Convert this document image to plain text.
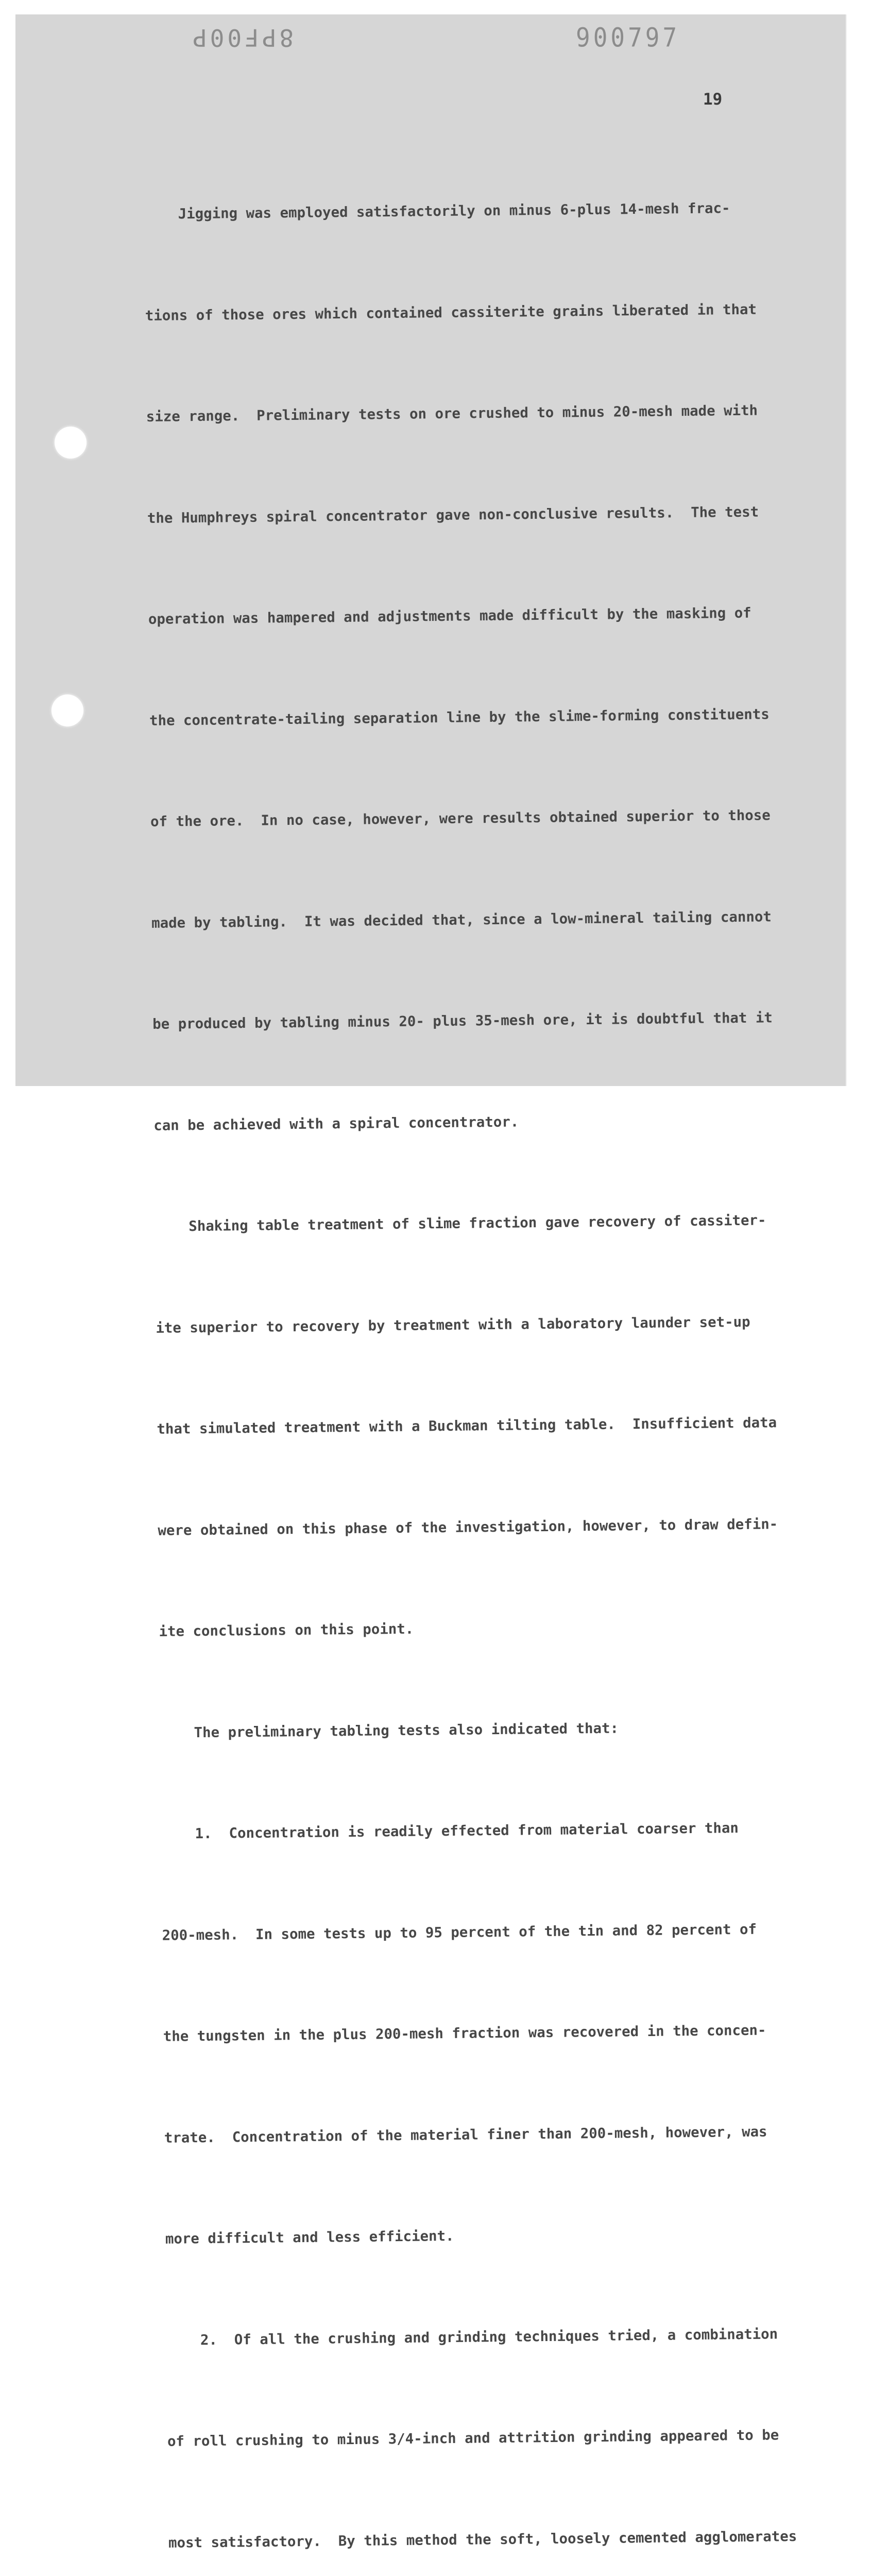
8PF00P	900797
19

Jigging was employed satisfactorily on minus 6-plus 14-mesh frac-

tions of those ores which contained cassiterite grains liberated in that

size range.  Preliminary tests on ore crushed to minus 20-mesh made with

the Humphreys spiral concentrator gave non-conclusive results.  The test

operation was hampered and adjustments made difficult by the masking of

the concentrate-tailing separation line by the slime-forming constituents

of the ore.  In no case, however, were results obtained superior to those

made by tabling.  It was decided that, since a low-mineral tailing cannot

be produced by tabling minus 20- plus 35-mesh ore, it is doubtful that it

can be achieved with a spiral concentrator.

Shaking table treatment of slime fraction gave recovery of cassiter-

ite superior to recovery by treatment with a laboratory launder set-up

that simulated treatment with a Buckman tilting table.  Insufficient data

were obtained on this phase of the investigation, however, to draw defin-

ite conclusions on this point.

The preliminary tabling tests also indicated that:

1.  Concentration is readily effected from material coarser than

200-mesh.  In some tests up to 95 percent of the tin and 82 percent of

the tungsten in the plus 200-mesh fraction was recovered in the concen-

trate.  Concentration of the material finer than 200-mesh, however, was

more difficult and less efficient.

2.  Of all the crushing and grinding techniques tried, a combination

of roll crushing to minus 3/4-inch and attrition grinding appeared to be

most satisfactory.  By this method the soft, loosely cemented agglomerates
